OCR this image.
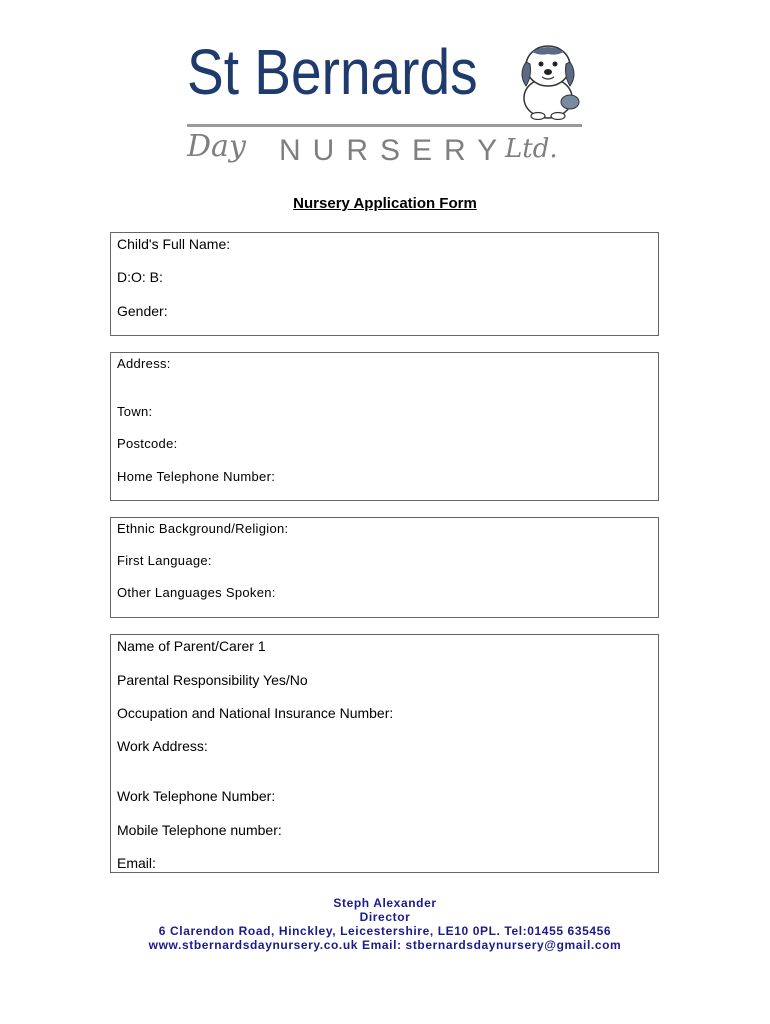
St Bernards
Day NURSERY
Ltd.
Nursery Application Form
Child's Full Name:
D:O: B:
Gender:
Address:
Town:
Postcode:
Home Telephone Number:
Ethnic Background/Religion:
First Language:
Other Languages Spoken:
Name of Parent/Carer 1
Parental Responsibility Yes/No
Occupation and National Insurance Number:
Work Address:
Work Telephone Number:
Mobile Telephone number:
Email:
Steph Alexander
Director
6 Clarendon Road, Hinckley, Leicestershire, LE10 0PL. Tel:01455 635456
www.stbernardsdaynursery.co.uk Email: stbernardsdaynursery@gmail.com
